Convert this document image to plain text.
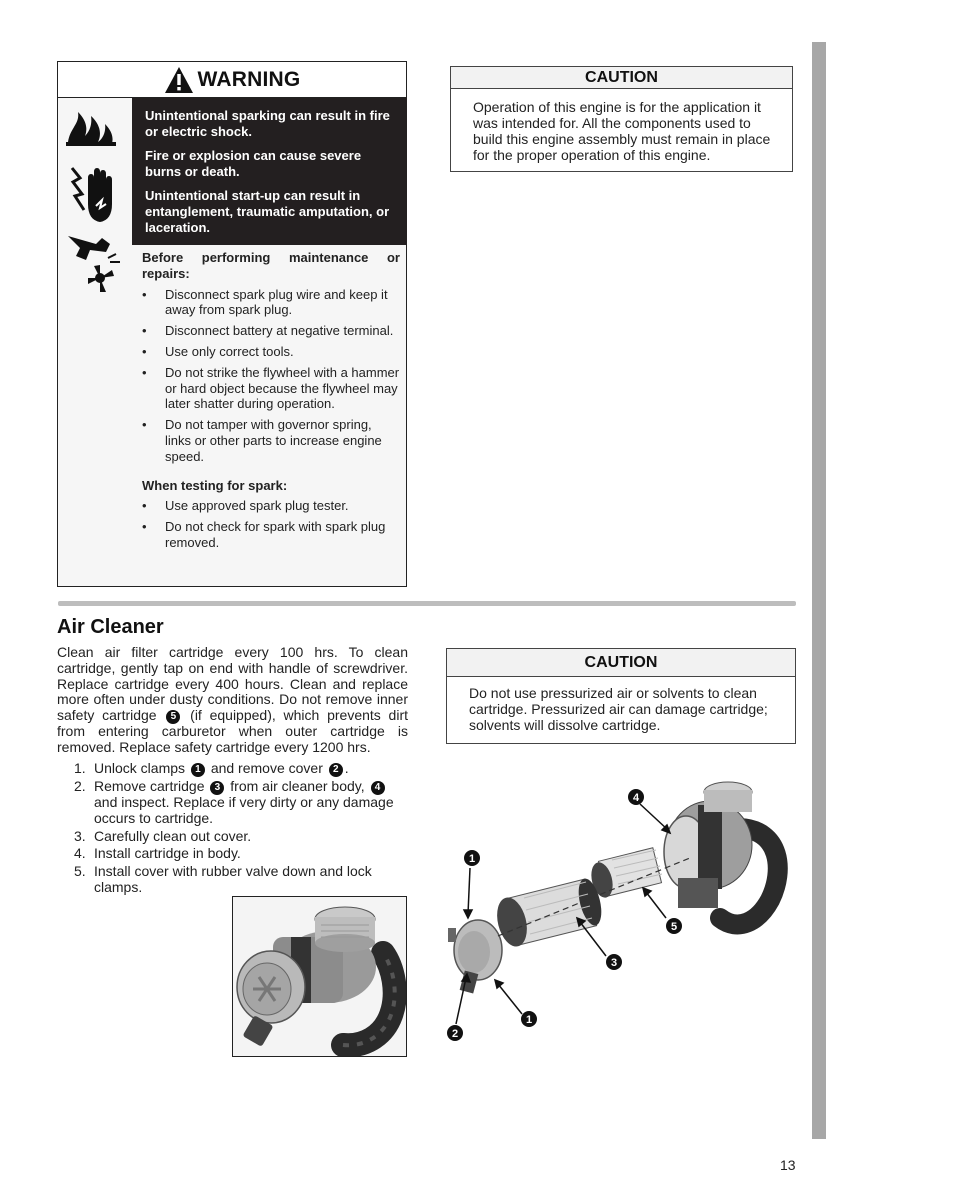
WARNING

Unintentional sparking can result in fire or electric shock.

Fire or explosion can cause severe burns or death.

Unintentional start-up can result in entanglement, traumatic amputation, or laceration.

Before performing maintenance or repairs:
• Disconnect spark plug wire and keep it away from spark plug.
• Disconnect battery at negative terminal.
• Use only correct tools.
• Do not strike the flywheel with a hammer or hard object because the flywheel may later shatter during operation.
• Do not tamper with governor spring, links or other parts to increase engine speed.
When testing for spark:
• Use approved spark plug tester.
• Do not check for spark with spark plug removed.
CAUTION
Operation of this engine is for the application it was intended for. All the components used to build this engine assembly must remain in place for the proper operation of this engine.
Air Cleaner
Clean air filter cartridge every 100 hrs. To clean cartridge, gently tap on end with handle of screwdriver. Replace cartridge every 400 hours. Clean and replace more often under dusty conditions. Do not remove inner safety cartridge 5 (if equipped), which prevents dirt from entering carburetor when outer cartridge is removed. Replace safety cartridge every 1200 hrs.
1. Unlock clamps 1 and remove cover 2 .
2. Remove cartridge 3 from air cleaner body, 4 and inspect. Replace if very dirty or any damage occurs to cartridge.
3. Carefully clean out cover.
4. Install cartridge in body.
5. Install cover with rubber valve down and lock clamps.
CAUTION
Do not use pressurized air or solvents to clean cartridge. Pressurized air can damage cartridge; solvents will dissolve cartridge.
4
1
5
3
1
2
13
